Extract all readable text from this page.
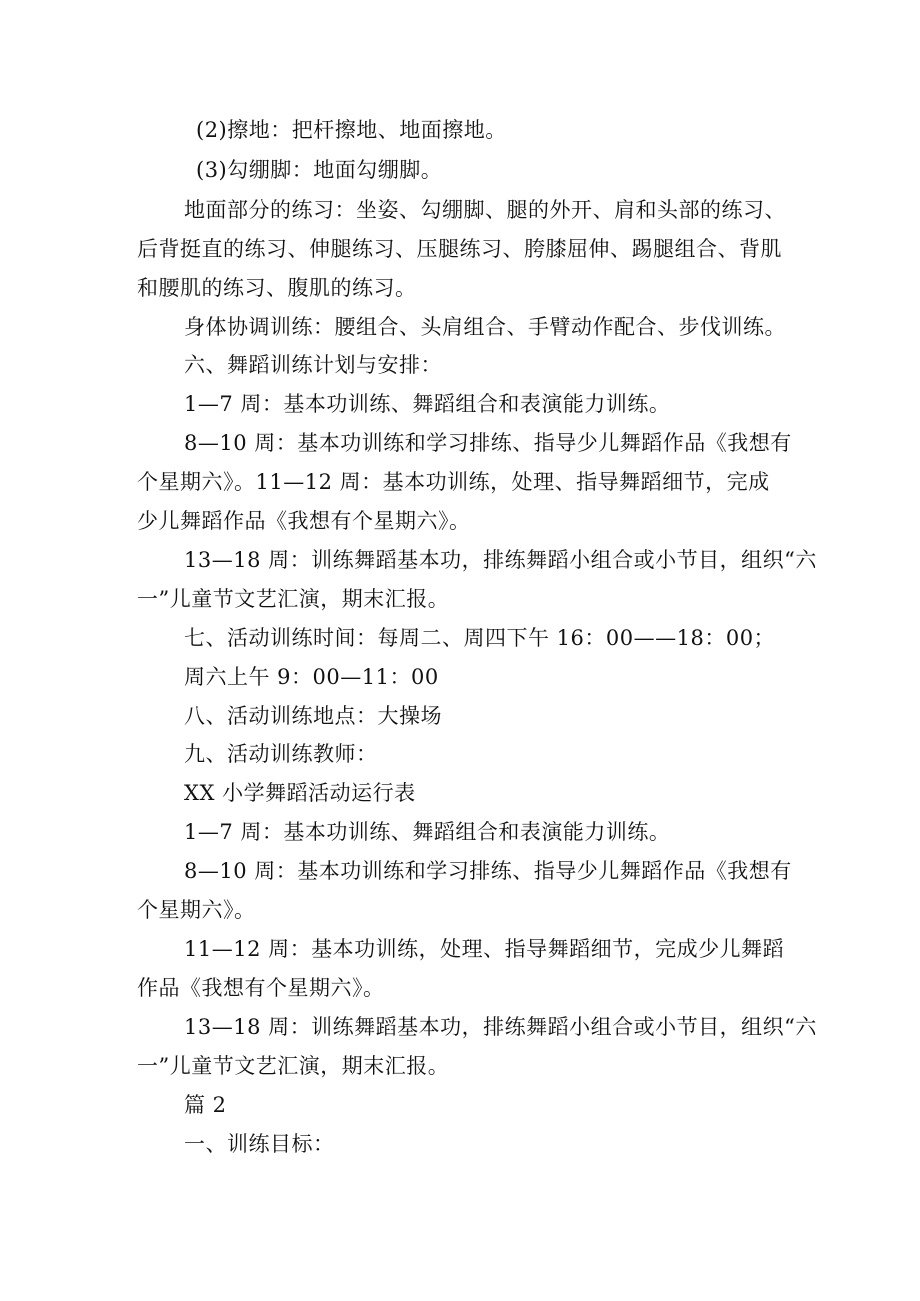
(2)擦地：把杆擦地、地面擦地。
(3)勾绷脚：地面勾绷脚。
地面部分的练习：坐姿、勾绷脚、腿的外开、肩和头部的练习、
后背挺直的练习、伸腿练习、压腿练习、胯膝屈伸、踢腿组合、背肌
和腰肌的练习、腹肌的练习。
身体协调训练：腰组合、头肩组合、手臂动作配合、步伐训练。
六、舞蹈训练计划与安排：
1—7 周：基本功训练、舞蹈组合和表演能力训练。
8—10 周：基本功训练和学习排练、指导少儿舞蹈作品《我想有
个星期六》。11—12 周：基本功训练，处理、指导舞蹈细节，完成
少儿舞蹈作品《我想有个星期六》。
13—18 周：训练舞蹈基本功，排练舞蹈小组合或小节目，组织“六
一”儿童节文艺汇演，期末汇报。
七、活动训练时间：每周二、周四下午 16：00——18：00；
周六上午 9：00—11：00
八、活动训练地点：大操场
九、活动训练教师：
XX 小学舞蹈活动运行表
1—7 周：基本功训练、舞蹈组合和表演能力训练。
8—10 周：基本功训练和学习排练、指导少儿舞蹈作品《我想有
个星期六》。
11—12 周：基本功训练，处理、指导舞蹈细节，完成少儿舞蹈
作品《我想有个星期六》。
13—18 周：训练舞蹈基本功，排练舞蹈小组合或小节目，组织“六
一”儿童节文艺汇演，期末汇报。
篇 2
一、训练目标：
